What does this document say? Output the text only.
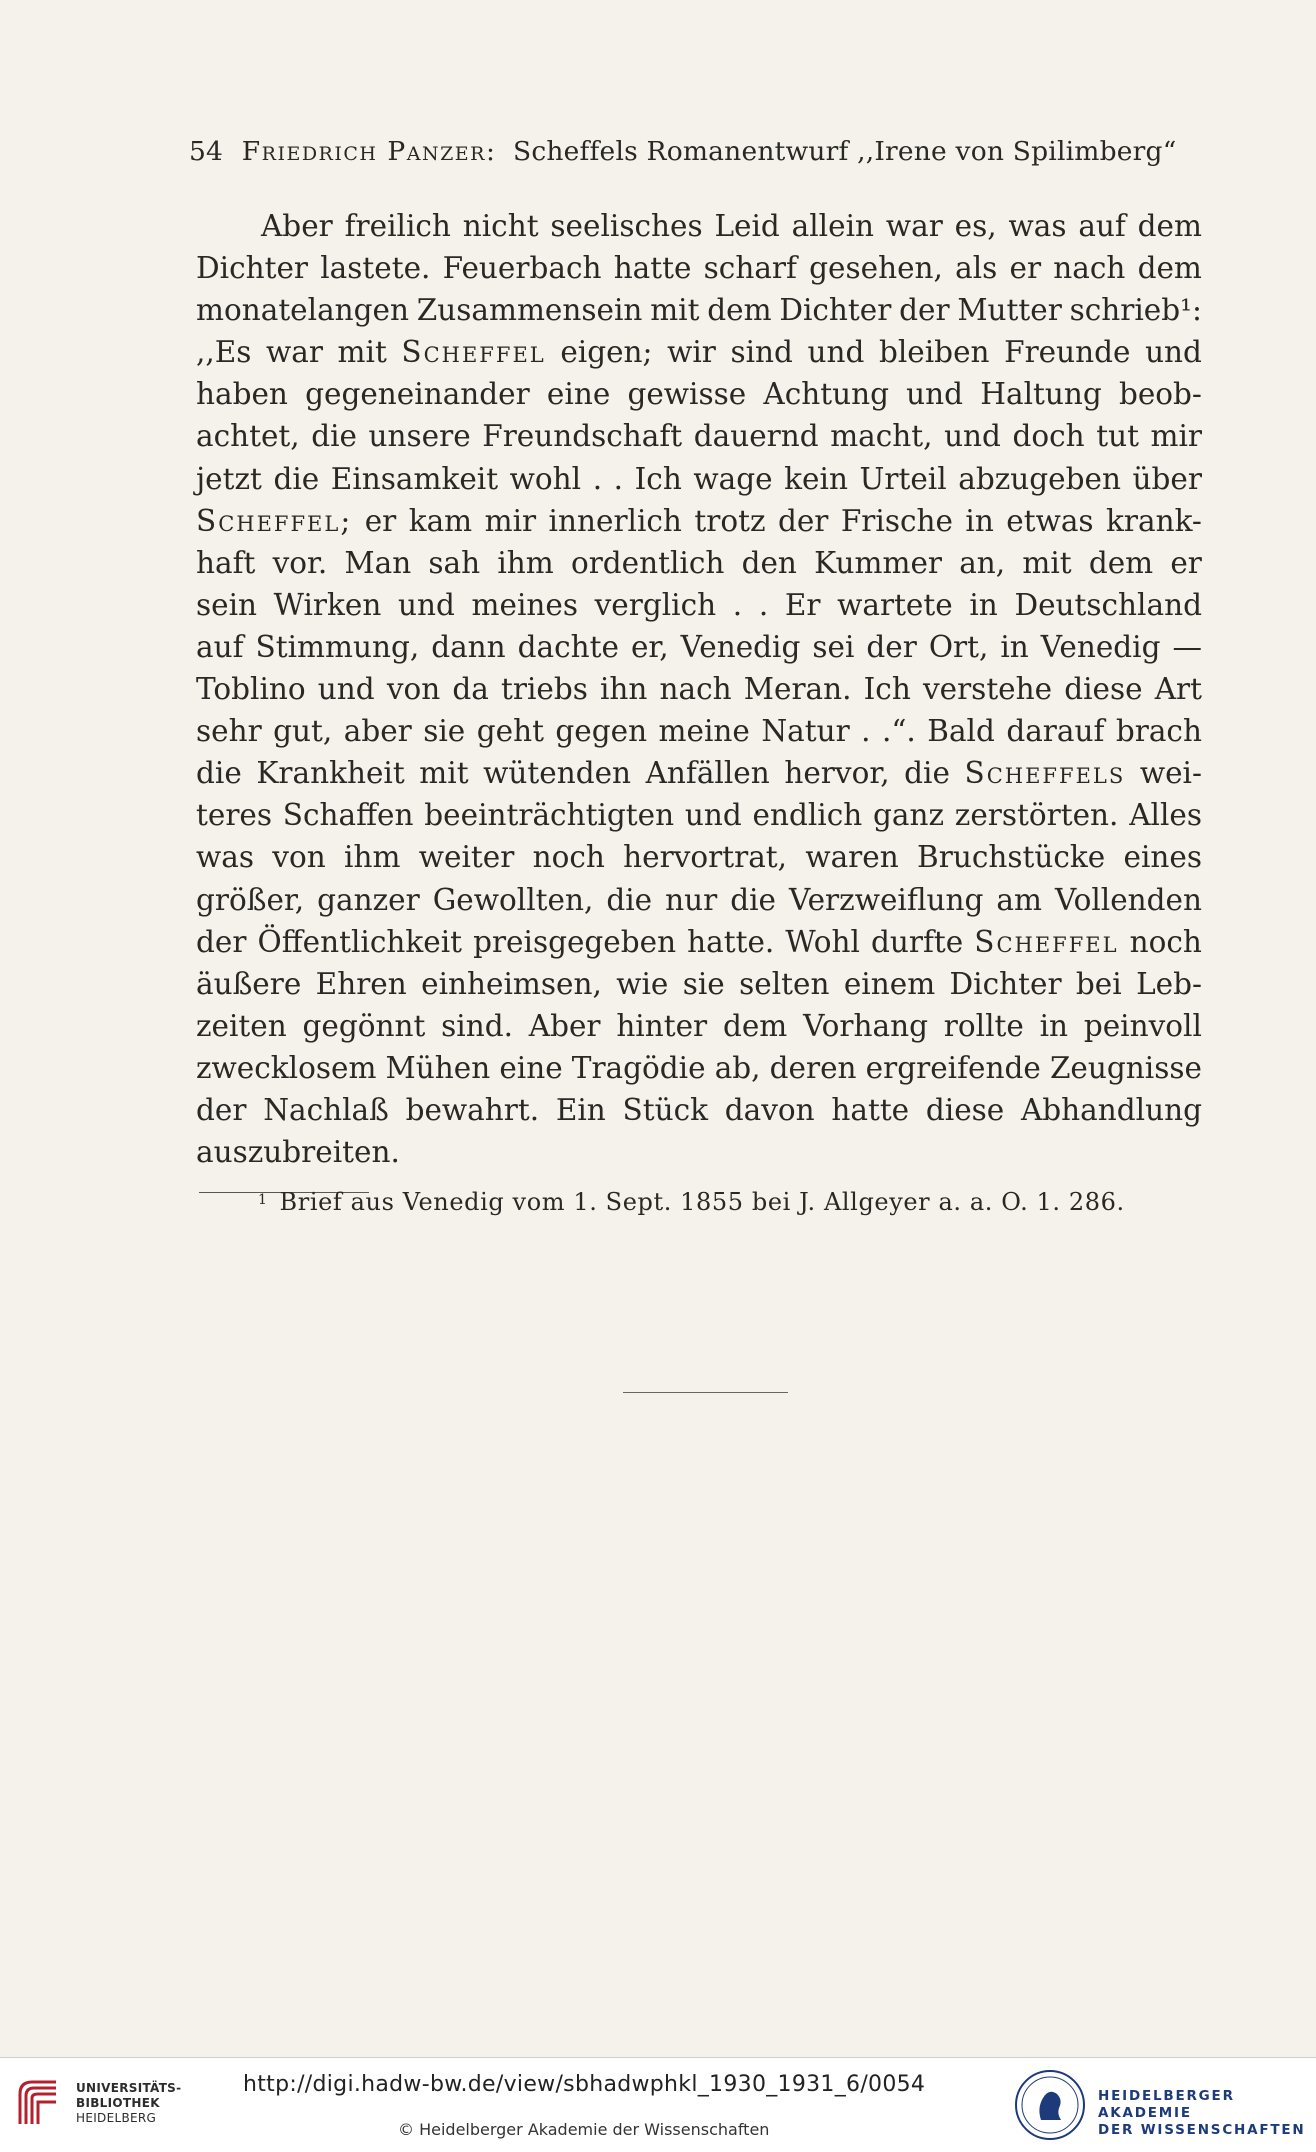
54 Friedrich Panzer: Scheffels Romanentwurf ,,Irene von Spilimberg“
Aber freilich nicht seelisches Leid allein war es, was auf dem
Dichter lastete. Feuerbach hatte scharf gesehen, als er nach dem
monatelangen Zusammensein mit dem Dichter der Mutter schrieb¹:
,,Es war mit Scheffel eigen; wir sind und bleiben Freunde und
haben gegeneinander eine gewisse Achtung und Haltung beob-
achtet, die unsere Freundschaft dauernd macht, und doch tut mir
jetzt die Einsamkeit wohl . . Ich wage kein Urteil abzugeben über
Scheffel; er kam mir innerlich trotz der Frische in etwas krank-
haft vor. Man sah ihm ordentlich den Kummer an, mit dem er
sein Wirken und meines verglich . . Er wartete in Deutschland
auf Stimmung, dann dachte er, Venedig sei der Ort, in Venedig —
Toblino und von da triebs ihn nach Meran. Ich verstehe diese Art
sehr gut, aber sie geht gegen meine Natur . .“. Bald darauf brach
die Krankheit mit wütenden Anfällen hervor, die Scheffels wei-
teres Schaffen beeinträchtigten und endlich ganz zerstörten. Alles
was von ihm weiter noch hervortrat, waren Bruchstücke eines
größer, ganzer Gewollten, die nur die Verzweiflung am Vollenden
der Öffentlichkeit preisgegeben hatte. Wohl durfte Scheffel noch
äußere Ehren einheimsen, wie sie selten einem Dichter bei Leb-
zeiten gegönnt sind. Aber hinter dem Vorhang rollte in peinvoll
zwecklosem Mühen eine Tragödie ab, deren ergreifende Zeugnisse
der Nachlaß bewahrt. Ein Stück davon hatte diese Abhandlung
auszubreiten.
$^1$ Brief aus Venedig vom 1. Sept. 1855 bei J. Allgeyer a. a. O. 1. 286.
UNIVERSITÄTS-
BIBLIOTHEK
HEIDELBERG
http://digi.hadw-bw.de/view/sbhadwphkl_1930_1931_6/0054
© Heidelberger Akademie der Wissenschaften
HEIDELBERGER AKADEMIE
DER WISSENSCHAFTEN
